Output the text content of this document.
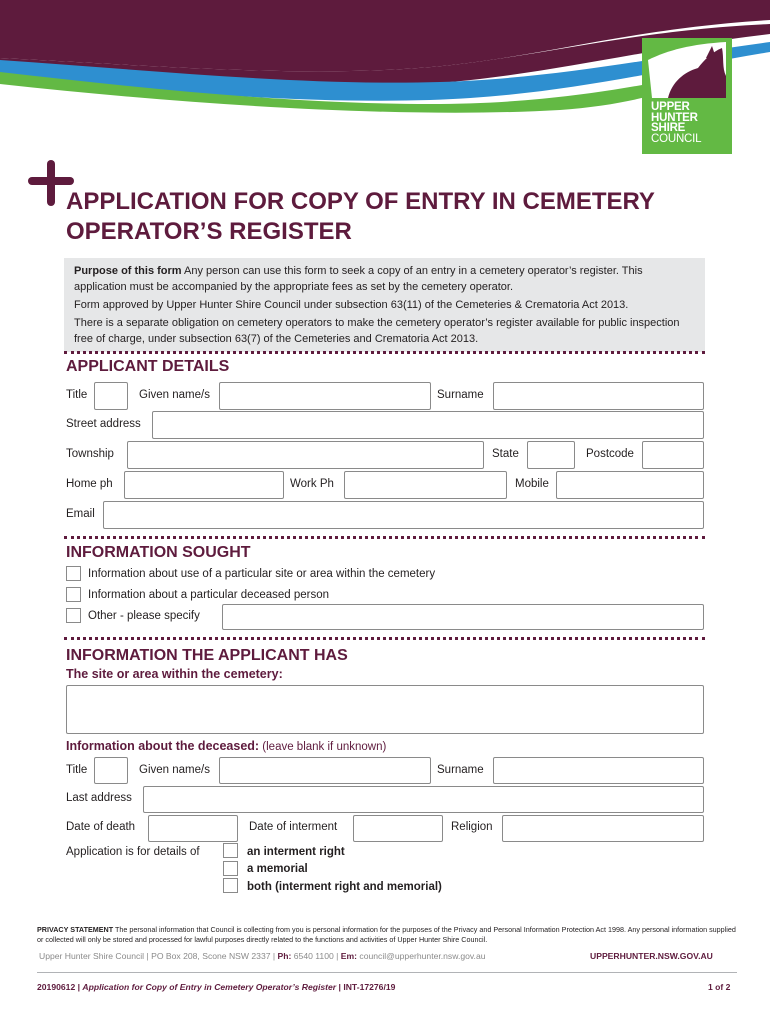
UPPER
HUNTER
SHIRE
COUNCIL
APPLICATION FOR COPY OF ENTRY IN CEMETERY OPERATOR’S REGISTER

Purpose of this form Any person can use this form to seek a copy of an entry in a cemetery operator’s register. This application must be accompanied by the appropriate fees as set by the cemetery operator.

Form approved by Upper Hunter Shire Council under subsection 63(11) of the Cemeteries & Crematoria Act 2013.

There is a separate obligation on cemetery operators to make the cemetery operator’s register available for public inspection free of charge, under subsection 63(7) of the Cemeteries and Crematoria Act 2013.

APPLICANT DETAILS
Title	Given name/s	Surname
Street address
Township	State	Postcode
Home ph	Work Ph	Mobile
Email
INFORMATION SOUGHT
Information about use of a particular site or area within the cemetery
Information about a particular deceased person
Other - please specify
INFORMATION THE APPLICANT HAS
The site or area within the cemetery:
Information about the deceased: (leave blank if unknown)
Title	Given name/s	Surname
Last address
Date of death	Date of interment	Religion
Application is for details of	an interment right
a memorial
both (interment right and memorial)
PRIVACY STATEMENT The personal information that Council is collecting from you is personal information for the purposes of the Privacy and Personal Information Protection Act 1998. Any personal information supplied or collected will only be stored and processed for lawful purposes directly related to the functions and activities of Upper Hunter Shire Council.
Upper Hunter Shire Council | PO Box 208, Scone NSW 2337 | Ph: 6540 1100 | Em: council@upperhunter.nsw.gov.au	UPPERHUNTER.NSW.GOV.AU
20190612 | Application for Copy of Entry in Cemetery Operator’s Register | INT-17276/19	1 of 2
